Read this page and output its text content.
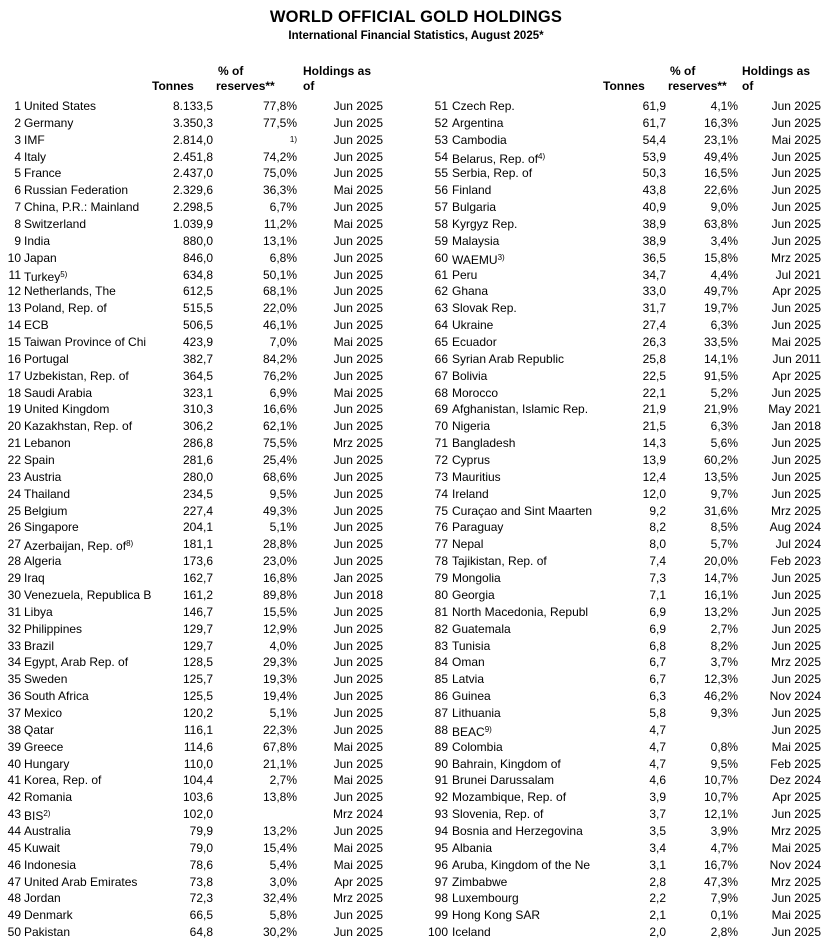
WORLD OFFICIAL GOLD HOLDINGS
International Financial Statistics, August 2025*
Tonnes
% of
reserves**
Holdings as
of
1 United States	8.133,5	77,8%	Jun 2025
2 Germany	3.350,3	77,5%	Jun 2025
3 IMF	2.814,0	$^{1)}$	Jun 2025
4 Italy	2.451,8	74,2%	Jun 2025
5 France	2.437,0	75,0%	Jun 2025
6 Russian Federation	2.329,6	36,3%	Mai 2025
7 China, P.R.: Mainland	2.298,5	6,7%	Jun 2025
8 Switzerland	1.039,9	11,2%	Mai 2025
9 India	880,0	13,1%	Jun 2025
10 Japan	846,0	6,8%	Jun 2025
11 Turkey$^{5)}$	634,8	50,1%	Jun 2025
12 Netherlands, The	612,5	68,1%	Jun 2025
13 Poland, Rep. of	515,5	22,0%	Jun 2025
14 ECB	506,5	46,1%	Jun 2025
15 Taiwan Province of Chi	423,9	7,0%	Mai 2025
16 Portugal	382,7	84,2%	Jun 2025
17 Uzbekistan, Rep. of	364,5	76,2%	Jun 2025
18 Saudi Arabia	323,1	6,9%	Mai 2025
19 United Kingdom	310,3	16,6%	Jun 2025
20 Kazakhstan, Rep. of	306,2	62,1%	Jun 2025
21 Lebanon	286,8	75,5%	Mrz 2025
22 Spain	281,6	25,4%	Jun 2025
23 Austria	280,0	68,6%	Jun 2025
24 Thailand	234,5	9,5%	Jun 2025
25 Belgium	227,4	49,3%	Jun 2025
26 Singapore	204,1	5,1%	Jun 2025
27 Azerbaijan, Rep. $of^{8)}$	181,1	28,8%	Jun 2025
28 Algeria	173,6	23,0%	Jun 2025
29 Iraq	162,7	16,8%	Jan 2025
30 Venezuela, Republica B	161,2	89,8%	Jun 2018
31 Libya	146,7	15,5%	Jun 2025
32 Philippines	129,7	12,9%	Jun 2025
33 Brazil	129,7	4,0%	Jun 2025
34 Egypt, Arab Rep. of	128,5	29,3%	Jun 2025
35 Sweden	125,7	19,3%	Jun 2025
36 South Africa	125,5	19,4%	Jun 2025
37 Mexico	120,2	5,1%	Jun 2025
38 Qatar	116,1	22,3%	Jun 2025
39 Greece	114,6	67,8%	Mai 2025
40 Hungary	110,0	21,1%	Jun 2025
41 Korea, Rep. of	104,4	2,7%	Mai 2025
42 Romania	103,6	13,8%	Jun 2025
43 BIS$^{2)}$	102,0	Mrz 2024
44 Australia	79,9	13,2%	Jun 2025
45 Kuwait	79,0	15,4%	Mai 2025
46 Indonesia	78,6	5,4%	Mai 2025
47 United Arab Emirates	73,8	3,0%	Apr 2025
48 Jordan	72,3	32,4%	Mrz 2025
49 Denmark	66,5	5,8%	Jun 2025
50 Pakistan	64,8	30,2%	Jun 2025
Tonnes
% of
reserves**
Holdings as
of
51 Czech Rep.	61,9	4,1%	Jun 2025
52 Argentina	61,7	16,3%	Jun 2025
53 Cambodia	54,4	23,1%	Mai 2025
54 Belarus, Rep. $of^{4)}$	53,9	49,4%	Jun 2025
55 Serbia, Rep. of	50,3	16,5%	Jun 2025
56 Finland	43,8	22,6%	Jun 2025
57 Bulgaria	40,9	9,0%	Jun 2025
58 Kyrgyz Rep.	38,9	63,8%	Jun 2025
59 Malaysia	38,9	3,4%	Jun 2025
60 WAEMU$^{3)}$	36,5	15,8%	Mrz 2025
61 Peru	34,7	4,4%	Jul 2021
62 Ghana	33,0	49,7%	Apr 2025
63 Slovak Rep.	31,7	19,7%	Jun 2025
64 Ukraine	27,4	6,3%	Jun 2025
65 Ecuador	26,3	33,5%	Mai 2025
66 Syrian Arab Republic	25,8	14,1%	Jun 2011
67 Bolivia	22,5	91,5%	Apr 2025
68 Morocco	22,1	5,2%	Jun 2025
69 Afghanistan, Islamic Rep.	21,9	21,9%	May 2021
70 Nigeria	21,5	6,3%	Jan 2018
71 Bangladesh	14,3	5,6%	Jun 2025
72 Cyprus	13,9	60,2%	Jun 2025
73 Mauritius	12,4	13,5%	Jun 2025
74 Ireland	12,0	9,7%	Jun 2025
75 Curaçao and Sint Maarten	9,2	31,6%	Mrz 2025
76 Paraguay	8,2	8,5%	Aug 2024
77 Nepal	8,0	5,7%	Jul 2024
78 Tajikistan, Rep. of	7,4	20,0%	Feb 2023
79 Mongolia	7,3	14,7%	Jun 2025
80 Georgia	7,1	16,1%	Jun 2025
81 North Macedonia, Republ	6,9	13,2%	Jun 2025
82 Guatemala	6,9	2,7%	Jun 2025
83 Tunisia	6,8	8,2%	Jun 2025
84 Oman	6,7	3,7%	Mrz 2025
85 Latvia	6,7	12,3%	Jun 2025
86 Guinea	6,3	46,2%	Nov 2024
87 Lithuania	5,8	9,3%	Jun 2025
88 BEAC$^{9)}$	4,7	Jun 2025
89 Colombia	4,7	0,8%	Mai 2025
90 Bahrain, Kingdom of	4,7	9,5%	Feb 2025
91 Brunei Darussalam	4,6	10,7%	Dez 2024
92 Mozambique, Rep. of	3,9	10,7%	Apr 2025
93 Slovenia, Rep. of	3,7	12,1%	Jun 2025
94 Bosnia and Herzegovina	3,5	3,9%	Mrz 2025
95 Albania	3,4	4,7%	Mai 2025
96 Aruba, Kingdom of the Ne	3,1	16,7%	Nov 2024
97 Zimbabwe	2,8	47,3%	Mrz 2025
98 Luxembourg	2,2	7,9%	Jun 2025
99 Hong Kong SAR	2,1	0,1%	Mai 2025
100 Iceland	2,0	2,8%	Jun 2025
